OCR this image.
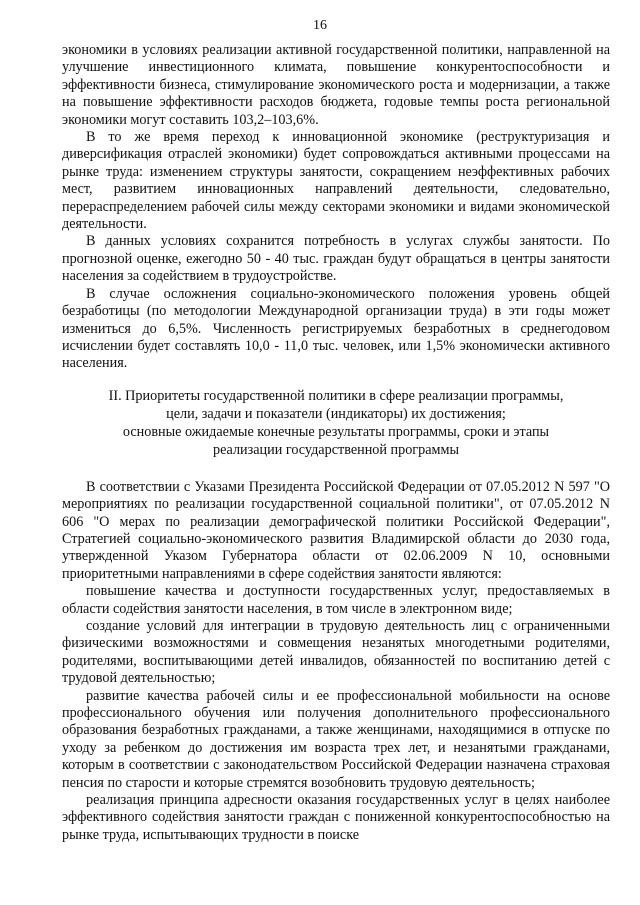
16

экономики в условиях реализации активной государственной политики, направленной на улучшение инвестиционного климата, повышение конкурентоспособности и эффективности бизнеса, стимулирование экономического роста и модернизации, а также на повышение эффективности расходов бюджета, годовые темпы роста региональной экономики могут составить 103,2–103,6%.

В то же время переход к инновационной экономике (реструктуризация и диверсификация отраслей экономики) будет сопровождаться активными процессами на рынке труда: изменением структуры занятости, сокращением неэффективных рабочих мест, развитием инновационных направлений деятельности, следовательно, перераспределением рабочей силы между секторами экономики и видами экономической деятельности.

В данных условиях сохранится потребность в услугах службы занятости. По прогнозной оценке, ежегодно 50 - 40 тыс. граждан будут обращаться в центры занятости населения за содействием в трудоустройстве.

В случае осложнения социально-экономического положения уровень общей безработицы (по методологии Международной организации труда) в эти годы может измениться до 6,5%. Численность регистрируемых безработных в среднегодовом исчислении будет составлять 10,0 - 11,0 тыс. человек, или 1,5% экономически активного населения.

II. Приоритеты государственной политики в сфере реализации программы,
цели, задачи и показатели (индикаторы) их достижения;
основные ожидаемые конечные результаты программы, сроки и этапы
реализации государственной программы

В соответствии с Указами Президента Российской Федерации от 07.05.2012 N 597 "О мероприятиях по реализации государственной социальной политики", от 07.05.2012 N 606 "О мерах по реализации демографической политики Российской Федерации", Стратегией социально-экономического развития Владимирской области до 2030 года, утвержденной Указом Губернатора области от 02.06.2009 N 10, основными приоритетными направлениями в сфере содействия занятости являются:

повышение качества и доступности государственных услуг, предоставляемых в области содействия занятости населения, в том числе в электронном виде;

создание условий для интеграции в трудовую деятельность лиц с ограниченными физическими возможностями и совмещения незанятых многодетными родителями, родителями, воспитывающими детей инвалидов, обязанностей по воспитанию детей с трудовой деятельностью;

развитие качества рабочей силы и ее профессиональной мобильности на основе профессионального обучения или получения дополнительного профессионального образования безработных гражданами, а также женщинами, находящимися в отпуске по уходу за ребенком до достижения им возраста трех лет, и незанятыми гражданами, которым в соответствии с законодательством Российской Федерации назначена страховая пенсия по старости и которые стремятся возобновить трудовую деятельность;

реализация принципа адресности оказания государственных услуг в целях наиболее эффективного содействия занятости граждан с пониженной конкурентоспособностью на рынке труда, испытывающих трудности в поиске
